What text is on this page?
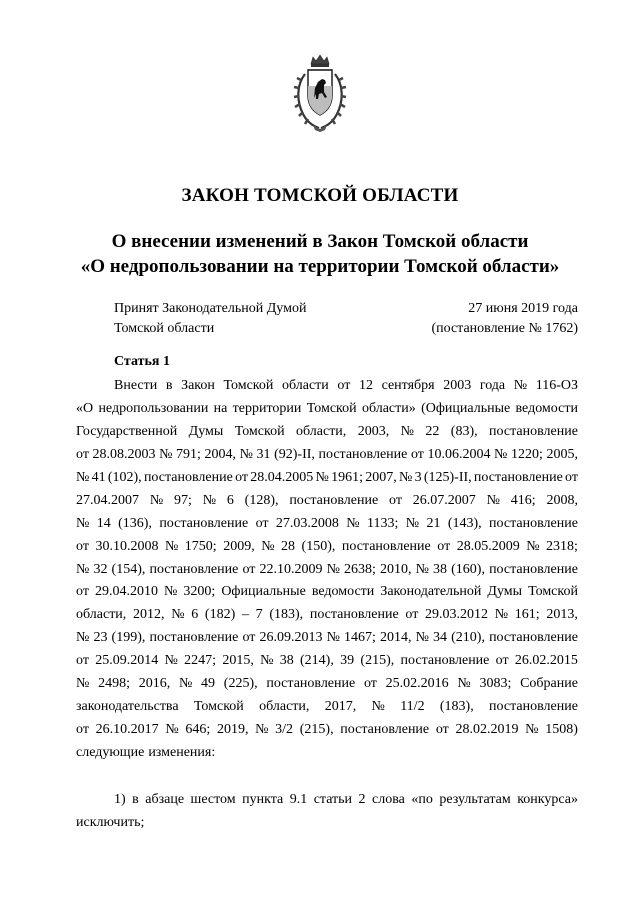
ЗАКОН ТОМСКОЙ ОБЛАСТИ
О внесении изменений в Закон Томской области
«О недропользовании на территории Томской области»
Принят Законодательной Думой
Томской области
27 июня 2019 года
(постановление № 1762)
Статья 1
Внести в Закон Томской области от 12 сентября 2003 года № 116-ОЗ
«О недропользовании на территории Томской области» (Официальные ведомости
Государственной Думы Томской области, 2003, № 22 (83), постановление
от 28.08.2003 № 791; 2004, № 31 (92)-II, постановление от 10.06.2004 № 1220; 2005,
№ 41 (102), постановление от 28.04.2005 № 1961; 2007, № 3 (125)-II, постановление от
27.04.2007 № 97; № 6 (128), постановление от 26.07.2007 № 416; 2008,
№ 14 (136), постановление от 27.03.2008 № 1133; № 21 (143), постановление
от 30.10.2008 № 1750; 2009, № 28 (150), постановление от 28.05.2009 № 2318;
№ 32 (154), постановление от 22.10.2009 № 2638; 2010, № 38 (160), постановление
от 29.04.2010 № 3200; Официальные ведомости Законодательной Думы Томской
области, 2012, № 6 (182) – 7 (183), постановление от 29.03.2012 № 161; 2013,
№ 23 (199), постановление от 26.09.2013 № 1467; 2014, № 34 (210), постановление
от 25.09.2014 № 2247; 2015, № 38 (214), 39 (215), постановление от 26.02.2015
№ 2498; 2016, № 49 (225), постановление от 25.02.2016 № 3083; Собрание
законодательства Томской области, 2017, № 11/2 (183), постановление
от 26.10.2017 № 646; 2019, № 3/2 (215), постановление от 28.02.2019 № 1508)
следующие изменения:
1) в абзаце шестом пункта 9.1 статьи 2 слова «по результатам конкурса»
исключить;
